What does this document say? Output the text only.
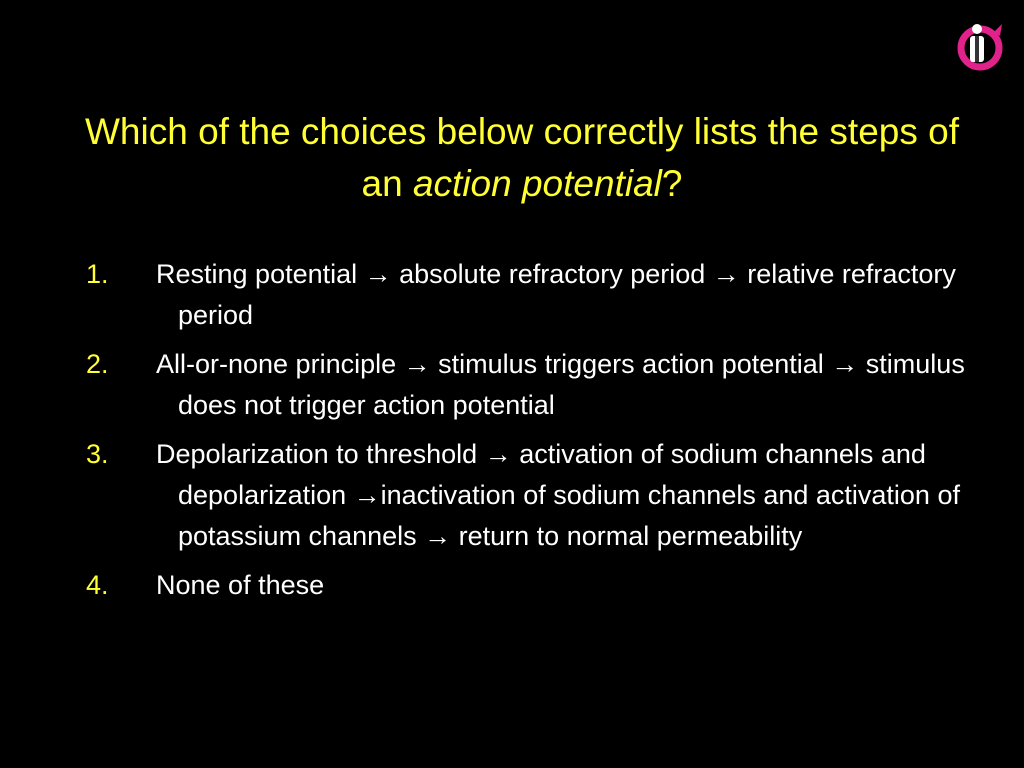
Which of the choices below correctly lists the steps of an action potential?
1. Resting potential → absolute refractory period → relative refractory period
2. All-or-none principle → stimulus triggers action potential → stimulus does not trigger action potential
3. Depolarization to threshold → activation of sodium channels and depolarization →inactivation of sodium channels and activation of potassium channels → return to normal permeability
4. None of these
